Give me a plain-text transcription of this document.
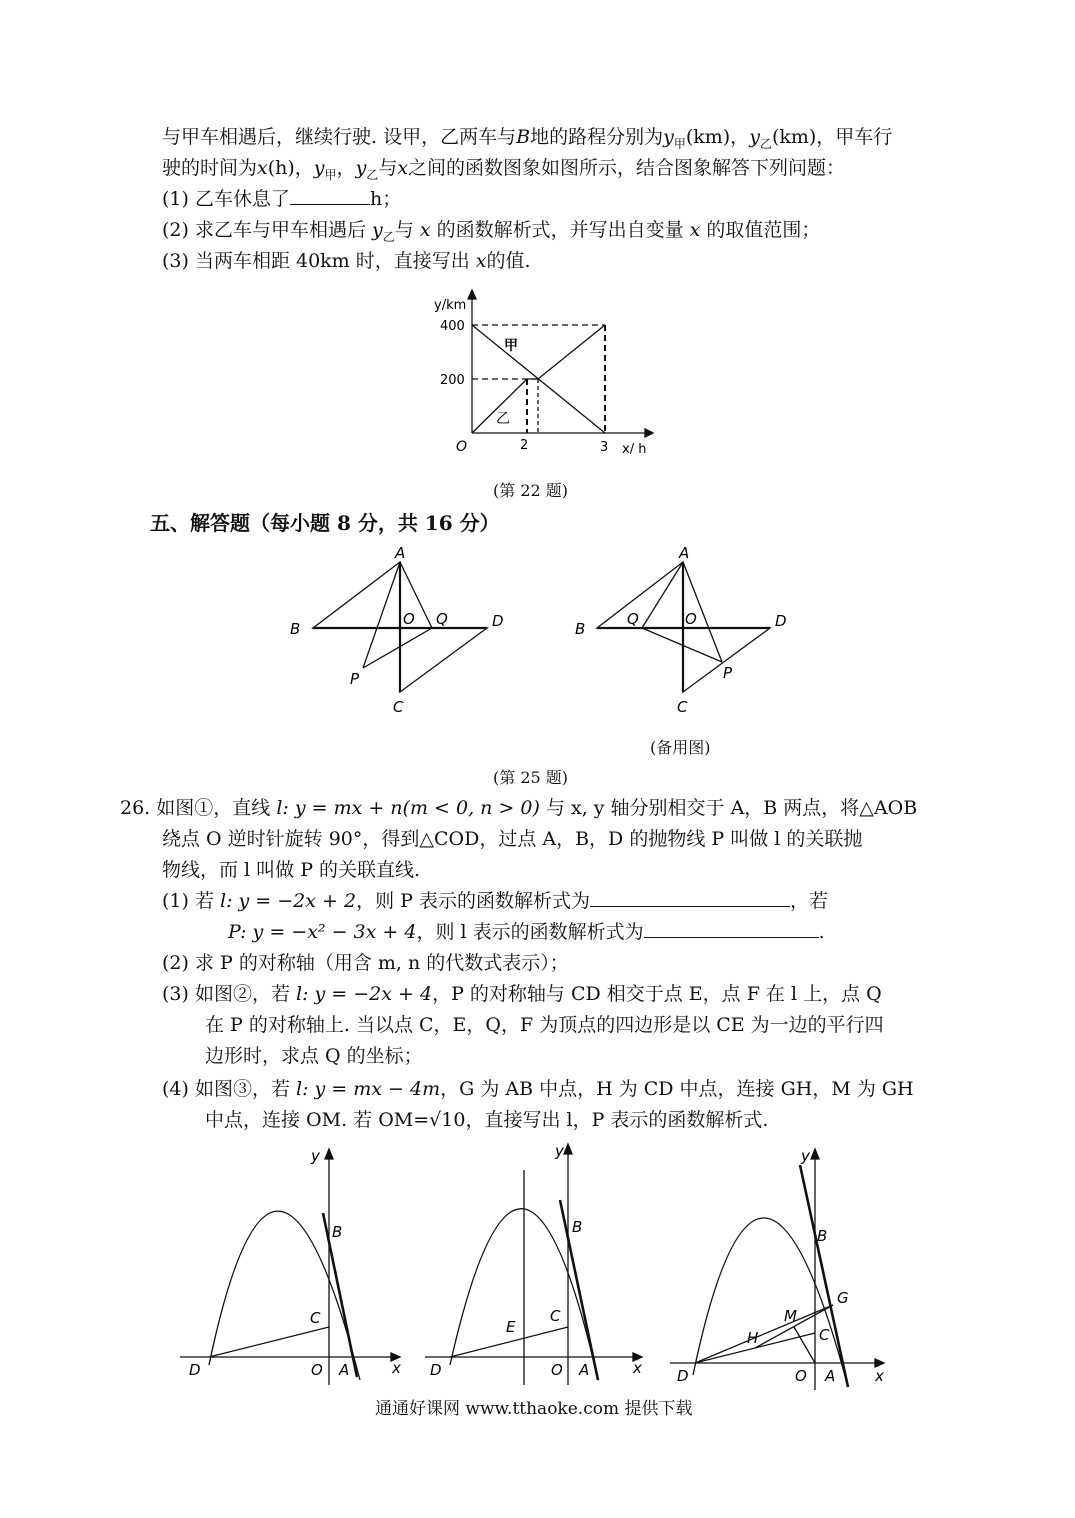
与甲车相遇后，继续行驶. 设甲，乙两车与B地的路程分别为$y_甲(km)$，$y_乙(km)$，甲车行
驶的时间为x(h)，$y_甲$，$y_乙$与x之间的函数图象如图所示，结合图象解答下列问题：
(1) 乙车休息了	h；
(2) 求乙车与甲车相遇后 $y_乙$与 x 的函数解析式，并写出自变量 x 的取值范围；
(3) 当两车相距 40km 时，直接写出 x的值.
y/km
400
200
O	2	3 x/ h
甲
乙
(第 22 题)
五、解答题（每小题 8 分，共 16 分）
A
B	D
C
O Q
P
A
B	D
C
O
Q
P
(备用图)
(第 25 题)
26. 如图①，直线 l: y = mx + n(m < 0, n > 0) 与 x, y 轴分别相交于 A，B 两点，将△AOB
绕点 O 逆时针旋转 90°，得到△COD，过点 A，B，D 的抛物线 P 叫做 l 的关联抛
物线，而 l 叫做 P 的关联直线.
(1) 若 l: y = −2x + 2，则 P 表示的函数解析式为	，若
P: y = −x² − 3x + 4，则 l 表示的函数解析式为	.
(2) 求 P 的对称轴（用含 m, n 的代数式表示）；
(3) 如图②，若 l: y = −2x + 4，P 的对称轴与 CD 相交于点 E，点 F 在 l 上，点 Q
在 P 的对称轴上. 当以点 C，E，Q，F 为顶点的四边形是以 CE 为一边的平行四
边形时，求点 Q 的坐标；
(4) 如图③，若 l: y = mx − 4m，G 为 AB 中点，H 为 CD 中点，连接 GH，M 为 GH
中点，连接 OM. 若 OM=√10，直接写出 l，P 表示的函数解析式.
y
x
B
C
D	O A
y
x
B
C
E
D	O A
y
x
B
G
M
C
H
D	O A
通通好课网 www.tthaoke.com 提供下载
